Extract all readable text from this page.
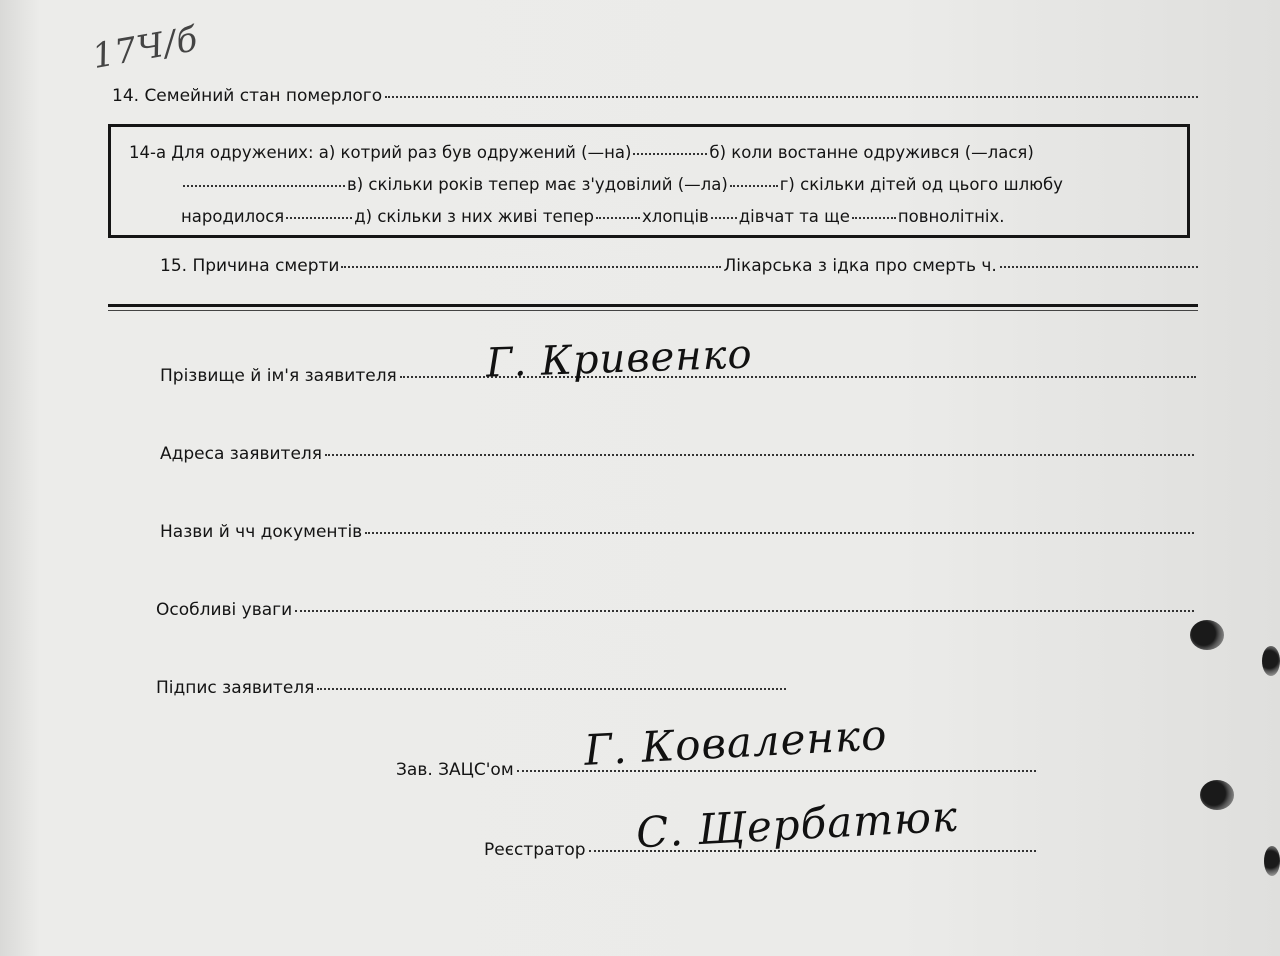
17Ч/б
14. Семейний стан померлого
14-а Для одружених: а) котрий раз був одружений (—на)	б) коли востанне одружився (—лася)
в) скільки років тепер має з'удовілий (—ла)	г) скільки дітей од цього шлюбу
народилося	д) скільки з них живі тепер	хлопців дівчат та ще	повнолітніх.
15. Причина смерти	Лікарська з ідка про смерть ч.
Прізвище й ім'я заявителя Г. Кривенко
Адреса заявителя
Назви й чч документів
Особливі уваги
Підпис заявителя
Зав. ЗАЦС'ом Г. Коваленко
Реєстратор С. Щербатюк
